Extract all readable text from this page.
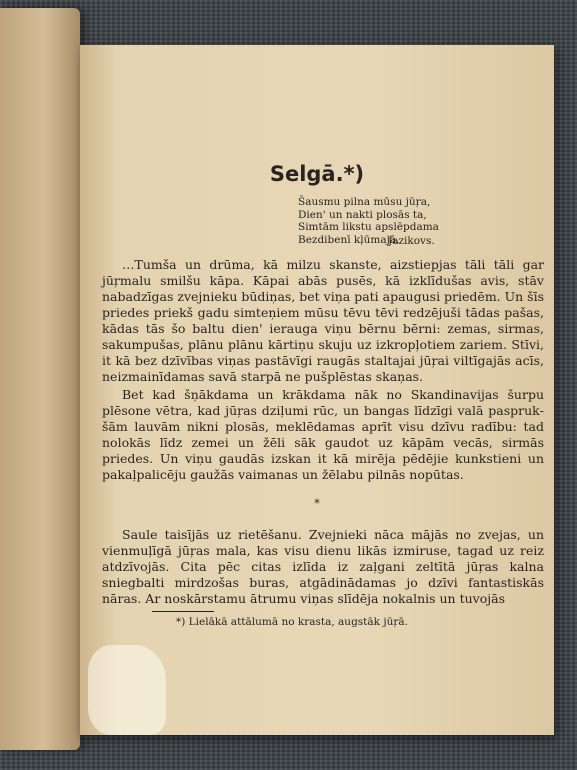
Selgā.*)
Šausmu pilna mūsu jūŗa,
Dien' un nakti plosās ta,
Simtām likstu apslēpdama
Bezdibenī kļūmajā.
Jazikovs.

…Tumša un drūma, kā milzu skanste, aizstiepjas tāli tāli gar jūŗmalu smilšu kāpa. Kāpai abās pusēs, kā izklīdušas avis, stāv nabadzīgas zvejnieku būdiņas, bet viņa pati apaugusi priedēm. Un šīs priedes priekš gadu simteņiem mūsu tēvu tēvi redzējuši tādas pašas, kādas tās šo baltu dien' ierauga viņu bērnu bērni: zemas, sirmas, sakumpušas, plānu plānu kārtiņu skuju uz izkropļotiem zariem. Stīvi, it kā bez dzīvības viņas pastāvīgi raugās staltajai jūŗai viltīgajās acīs, neizmainīdamas savā starpā ne pušplēstas skaņas.

Bet kad šņākdama un krākdama nāk no Skandinavijas šurpu plēsone vētra, kad jūŗas dziļumi rūc, un bangas līdzīgi valā pasprukšām lauvām nikni plosās, meklēdamas aprīt visu dzīvu radību: tad nolokās līdz zemei un žēli sāk gaudot uz kāpām vecās, sirmās priedes. Un viņu gaudās izskan it kā mirēja pēdējie kunkstieni un pakaļpalicēju gaužās vaimanas un žēlabu pilnās nopūtas.

*

Saule taisījās uz rietēšanu. Zvejnieki nāca mājās no zvejas, un vienmuļīgā jūŗas mala, kas visu dienu likās izmiruse, tagad uz reiz atdzīvojās. Cita pēc citas izlīda iz zaļgani zeltītā jūŗas kalna sniegbalti mirdzošas buras, atgādinādamas jo dzīvi fantastiskās nāras. Ar noskārstamu ātrumu viņas slīdēja nokalnis un tuvojās

*) Lielākā attālumā no krasta, augstāk jūŗā.
